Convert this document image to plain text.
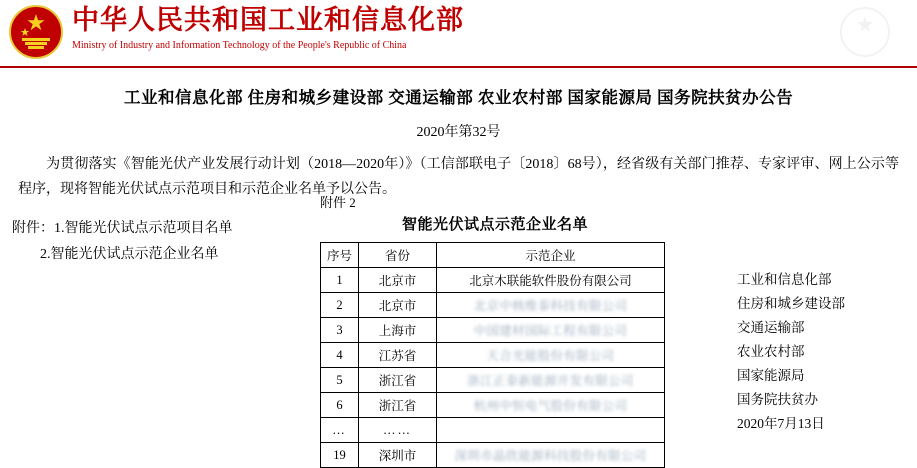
中华人民共和国工业和信息化部
Ministry of Industry and Information Technology of the People's Republic of China
工业和信息化部 住房和城乡建设部 交通运输部 农业农村部 国家能源局 国务院扶贫办公告
2020年第32号
为贯彻落实《智能光伏产业发展行动计划（2018—2020年）》（工信部联电子〔2018〕68号），经省级有关部门推荐、专家评审、网上公示等程序，现将智能光伏试点示范项目和示范企业名单予以公告。
附件：1.智能光伏试点示范项目名单
2.智能光伏试点示范企业名单
附件 2
智能光伏试点示范企业名单
序号	省份	示范企业
1	北京市	北京木联能软件股份有限公司
2	北京市	北京中核维泰科技有限公司
3	上海市	中国建材国际工程有限公司
4	江苏省	天合光能股份有限公司
5	浙江省	浙江正泰新能源开发有限公司
6	浙江省	杭州中恒电气股份有限公司
…	……	
19	深圳市	深圳市晶欣能源科技股份有限公司
工业和信息化部
住房和城乡建设部
交通运输部
农业农村部
国家能源局
国务院扶贫办
2020年7月13日
